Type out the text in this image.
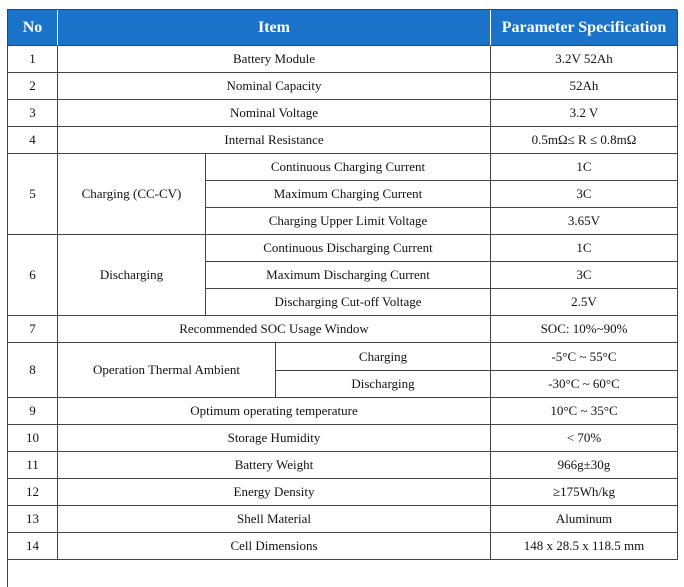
No	Item	Parameter Specification
1	Battery Module	3.2V 52Ah
2	Nominal Capacity	52Ah
3	Nominal Voltage	3.2 V
4	Internal Resistance	0.5mΩ≤ R ≤ 0.8mΩ
5	Charging (CC-CV)
Continuous Charging Current	1C
Maximum Charging Current	3C
Charging Upper Limit Voltage	3.65V
6	Discharging
Continuous Discharging Current	1C
Maximum Discharging Current	3C
Discharging Cut-off Voltage	2.5V
7	Recommended SOC Usage Window	SOC: 10%~90%
8	Operation Thermal Ambient
Charging	-5°C ~ 55°C
Discharging	-30°C ~ 60°C
9	Optimum operating temperature	10°C ~ 35°C
10	Storage Humidity	< 70%
11	Battery Weight	966g±30g
12	Energy Density	≥175Wh/kg
13	Shell Material	Aluminum
14	Cell Dimensions	148 x 28.5 x 118.5 mm
